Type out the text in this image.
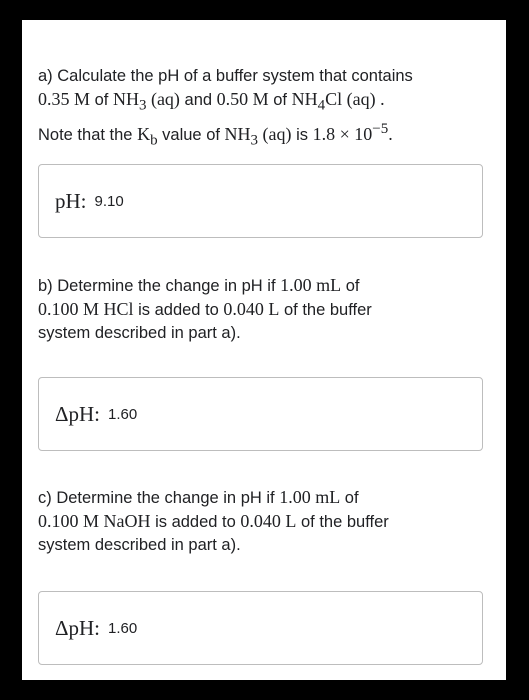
a) Calculate the pH of a buffer system that contains
0.35 M of $NH_3$ (aq) and 0.50 M of $NH_4Cl$ (aq) .
Note that the $K_b$ value of $NH_3$ (aq) is $1.8 \times 10^{-5}$.
pH: 9.10
b) Determine the change in pH if 1.00 mL of
0.100 M HCl is added to 0.040 L of the buffer
system described in part a).
ΔpH: 1.60
c) Determine the change in pH if 1.00 mL of
0.100 M NaOH is added to 0.040 L of the buffer
system described in part a).
ΔpH: 1.60
